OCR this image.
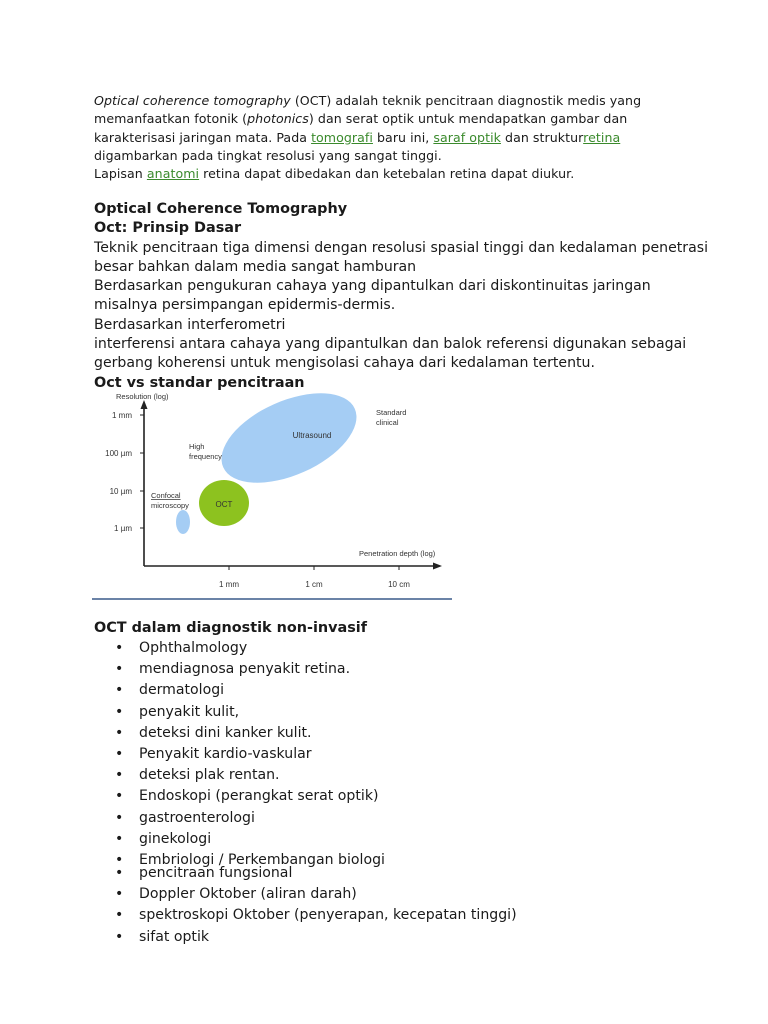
Optical coherence tomography (OCT) adalah teknik pencitraan diagnostik medis yang memanfaatkan fotonik (photonics) dan serat optik untuk mendapatkan gambar dan karakterisasi jaringan mata. Pada tomografi baru ini, saraf optik dan strukturretina digambarkan pada tingkat resolusi yang sangat tinggi.

Lapisan anatomi retina dapat dibedakan dan ketebalan retina dapat diukur.

Optical Coherence Tomography

Oct: Prinsip Dasar

Teknik pencitraan tiga dimensi dengan resolusi spasial tinggi dan kedalaman penetrasi besar bahkan dalam media sangat hamburan

Berdasarkan pengukuran cahaya yang dipantulkan dari diskontinuitas jaringan misalnya persimpangan epidermis-dermis.

Berdasarkan interferometri

interferensi antara cahaya yang dipantulkan dan balok referensi digunakan sebagai gerbang koherensi untuk mengisolasi cahaya dari kedalaman tertentu.

Oct vs standar pencitraan

Resolution (log)
1 mm
100 µm
10 µm
1 µm
1 mm	1 cm	10 cm
Penetration depth (log)
Ultrasound
OCT
Standard
clinical
High
frequency
Confocal
microscopy

OCT dalam diagnostik non-invasif

• Ophthalmology
• mendiagnosa penyakit retina.
• dermatologi
• penyakit kulit,
• deteksi dini kanker kulit.
• Penyakit kardio-vaskular
• deteksi plak rentan.
• Endoskopi (perangkat serat optik)
• gastroenterologi
• ginekologi
• Embriologi / Perkembangan biologi
• pencitraan fungsional
• Doppler Oktober (aliran darah)
• spektroskopi Oktober (penyerapan, kecepatan tinggi)
• sifat optik
